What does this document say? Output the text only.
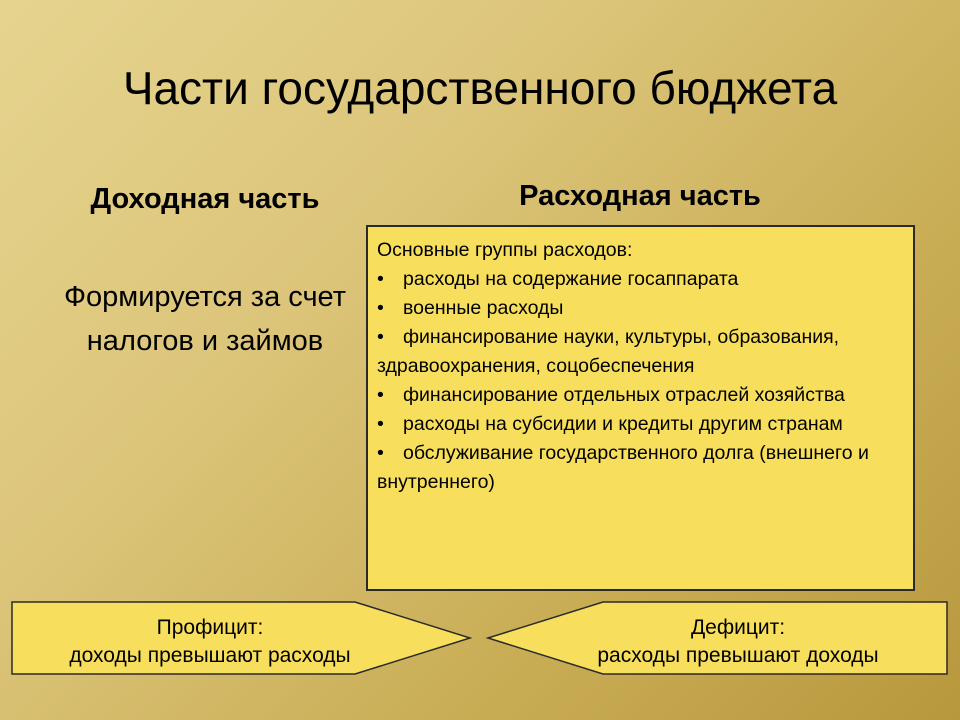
Части государственного бюджета
Доходная часть
Формируется за счет налогов и займов
Расходная часть
Основные группы расходов:
• расходы на содержание госаппарата
• военные расходы
• финансирование науки, культуры, образования, здравоохранения, соцобеспечения
• финансирование отдельных отраслей хозяйства
• расходы на субсидии и кредиты другим странам
• обслуживание государственного долга (внешнего и внутреннего)
Профицит:
доходы превышают расходы
Дефицит:
расходы превышают доходы
